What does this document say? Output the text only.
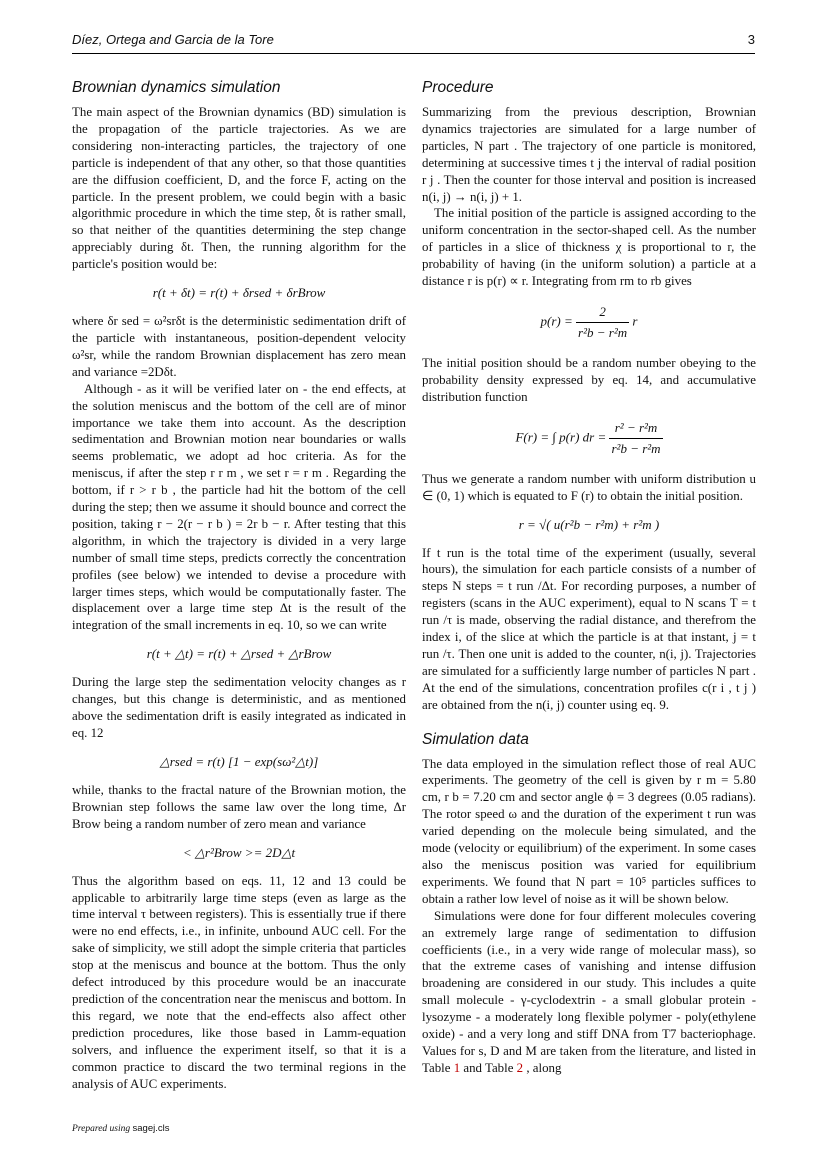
Díez, Ortega and Garcia de la Tore	3
Brownian dynamics simulation

The main aspect of the Brownian dynamics (BD) simulation is the propagation of the particle trajectories. As we are considering non-interacting particles, the trajectory of one particle is independent of that any other, so that those quantities are the diffusion coefficient, D, and the force F, acting on the particle. In the present problem, we could begin with a basic algorithmic procedure in which the time step, δt is rather small, so that neither of the quantities determining the step change appreciably during δt. Then, the running algorithm for the particle's position would be:

r(t + δt) = r(t) + δrsed + δrBrow

where δr sed = ω²srδt is the deterministic sedimentation drift of the particle with instantaneous, position-dependent velocity ω²sr, while the random Brownian displacement has zero mean and variance =2Dδt.

Although - as it will be verified later on - the end effects, at the solution meniscus and the bottom of the cell are of minor importance we take them into account. As the description sedimentation and Brownian motion near boundaries or walls seems problematic, we adopt ad hoc criteria. As for the meniscus, if after the step r r m , we set r = r m . Regarding the bottom, if r > r b , the particle had hit the bottom of the cell during the step; then we assume it should bounce and correct the position, taking r − 2(r − r b ) = 2r b − r. After testing that this algorithm, in which the trajectory is divided in a very large number of small time steps, predicts correctly the concentration profiles (see below) we intended to devise a procedure with larger times steps, which would be computationally faster. The displacement over a large time step Δt is the result of the integration of the small increments in eq. 10, so we can write

r(t + △t) = r(t) + △rsed + △rBrow

During the large step the sedimentation velocity changes as r changes, but this change is deterministic, and as mentioned above the sedimentation drift is easily integrated as indicated in eq. 12

△rsed = r(t) [1 − exp(sω²△t)]

while, thanks to the fractal nature of the Brownian motion, the Brownian step follows the same law over the long time, Δr Brow being a random number of zero mean and variance

< △r²Brow >= 2D△t

Thus the algorithm based on eqs. 11, 12 and 13 could be applicable to arbitrarily large time steps (even as large as the time interval τ between registers). This is essentially true if there were no end effects, i.e., in infinite, unbound AUC cell. For the sake of simplicity, we still adopt the simple criteria that particles stop at the meniscus and bounce at the bottom. Thus the only defect introduced by this procedure would be an inaccurate prediction of the concentration near the meniscus and bottom. In this regard, we note that the end-effects also affect other prediction procedures, like those based in Lamm-equation solvers, and influence the experiment itself, so that it is a common practice to discard the two terminal regions in the analysis of AUC experiments.

Procedure

Summarizing from the previous description, Brownian dynamics trajectories are simulated for a large number of particles, N part . The trajectory of one particle is monitored, determining at successive times t j the interval of radial position r j . Then the counter for those interval and position is increased n(i, j) → n(i, j) + 1.

The initial position of the particle is assigned according to the uniform concentration in the sector-shaped cell. As the number of particles in a slice of thickness χ is proportional to r, the probability of having (in the uniform solution) a particle at a distance r is p(r) ∝ r. Integrating from rm to rb gives

$p(r) = \frac{2}{\text{r²b − r²m}}$ r

The initial position should be a random number obeying to the probability density expressed by eq. 14, and accumulative distribution function

F(r) = ∫ p(r) dr = $\frac{\text{r² − r²m}}{\text{r²b − r²m}}$

Thus we generate a random number with uniform distribution u ∈ (0, 1) which is equated to F (r) to obtain the initial position.

r = √( u(r²b − r²m) + r²m )

If t run is the total time of the experiment (usually, several hours), the simulation for each particle consists of a number of steps N steps = t run /Δt. For recording purposes, a number of registers (scans in the AUC experiment), equal to N scans T = t run /τ is made, observing the radial distance, and therefrom the index i, of the slice at which the particle is at that instant, j = t run /τ. Then one unit is added to the counter, n(i, j). Trajectories are simulated for a sufficiently large number of particles N part . At the end of the simulations, concentration profiles c(r i , t j ) are obtained from the n(i, j) counter using eq. 9.

Simulation data

The data employed in the simulation reflect those of real AUC experiments. The geometry of the cell is given by r m = 5.80 cm, r b = 7.20 cm and sector angle ϕ = 3 degrees (0.05 radians). The rotor speed ω and the duration of the experiment t run was varied depending on the molecule being simulated, and the mode (velocity or equilibrium) of the experiment. In some cases also the meniscus position was varied for equilibrium experiments. We found that N part = 10⁵ particles suffices to obtain a rather low level of noise as it will be shown below.

Simulations were done for four different molecules covering an extremely large range of sedimentation to diffusion coefficients (i.e., in a very wide range of molecular mass), so that the extreme cases of vanishing and intense diffusion broadening are considered in our study. This includes a quite small molecule - γ-cyclodextrin - a small globular protein - lysozyme - a moderately long flexible polymer - poly(ethylene oxide) - and a very long and stiff DNA from T7 bacteriophage. Values for s, D and M are taken from the literature, and listed in Table 1 and Table 2 , along

Prepared using sagej.cls
